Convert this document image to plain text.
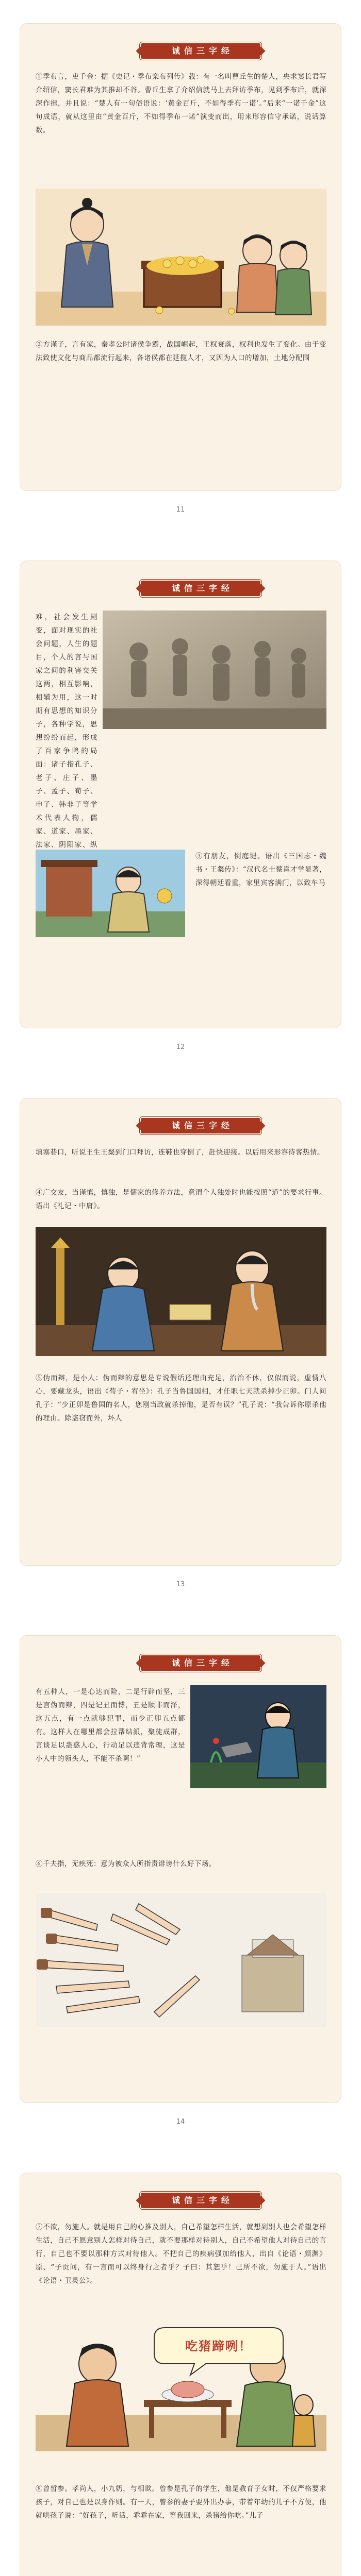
诚信三字经

①季布言，吏千金：据《史记・季布栾布列传》载：有一名叫曹丘生的楚人，央求窦长君写介绍信，窦长君难为其推却不谷。曹丘生拿了介绍信就马上去拜访季布，见到季布后，就深深作揖，并且说：“楚人有一句俗语说：‘黄金百斤，不如得季布一诺’。”后来“一诺千金”这句成语，就从这里由“黄金百斤，不如得季布一诺”演变而出，用来形容信守承诺，说话算数。

②方谨子，言有家，秦孝公时诸侯争霸，战国崛起，王权衰落，权利也发生了变化。由于变法致使文化与商品都流行起来，各诸侯都在延揽人才，又因为人口的增加，土地分配围

11
诚信三字经

难，社会发生剧变，面对现实的社会问题，人生的题目，个人的言与国家之间的利害交关这两，相互影响，相辅为用，这一时期有思想的知识分子，各种学说，思想纷纷而起，形成了百家争鸣的局面：诸子指孔子、老子、庄子、墨子、孟子、荀子、申子、韩非子等学术代表人物，儒家、道家、墨家、法家、阴阳家、纵

③有朋友，倒庭堤。语出《三国志・魏书・王粲传》：“汉代名士蔡邕才学显著，深得朝廷看重，家里宾客满门，以致车马

12
诚信三字经

填塞巷口，听说王生王粲到门口拜访，连鞋也穿倒了，赶快迎接。以后用来形容待客热情。

④广交友，当谨慎，慎独，是儒家的修养方法，意谓个人独处时也能按照“道”的要求行事。语出《礼记・中庸》。

⑤伪而辩，是小人：伪而辩的意思是专说假话还理由充足，治治不休，仅似而说，虚情八心，要藏龙头，语出《荀子・宥坐》：孔子当鲁国国相，才任职七天就杀掉少正卯。门人问孔子：“少正卯是鲁国的名人，您刚当政就杀掉他，是否有误？”孔子说：“我告诉你原杀他的理由。除盗窃而外，坏人

13
诚信三字经

有五种人，一是心达而险，二是行辟而坚，三是言伪而辩，四是记丑而博，五是顺非而泽，这五点，有一点就够犯罪，而少正卯五点都有。这样人在哪里都会拉帮结派，聚徒成群，言谈足以蛊惑人心，行动足以违背常理，这是小人中的领头人，不能不杀啊！”

⑥千夫指，无疾死：意为被众人所指责诽谤什么好下场。

14
诚信三字经

⑦不欲，勿施人。就是用自己的心推及别人，自己希望怎样生活，就想到别人也会希望怎样生活，自己不愿意别人怎样对待自己，就不要那样对待别人，自己不希望他人对待自己的言行，自己也不要以那种方式对待他人。不把自己的疾病强加给他人，出自《论语・颜渊》原、“子贡问，有一言而可以终身行之者乎？子曰：其恕乎！己所不欲，勿施于人。”语出《论语・卫灵公》。

吃猪蹄咧！

⑧曾皙参。孝尚人，小九奶，与相欺。曾参是孔子的学生，他是教育子女时，不仅严格要求孩子，对自己也是以身作则。有一天，曾参的妻子要外出办事，带着年幼的儿子不方便，他就哄孩子说：“好孩子，听话，乖乖在家，等我回来，杀猪给你吃。”儿子
